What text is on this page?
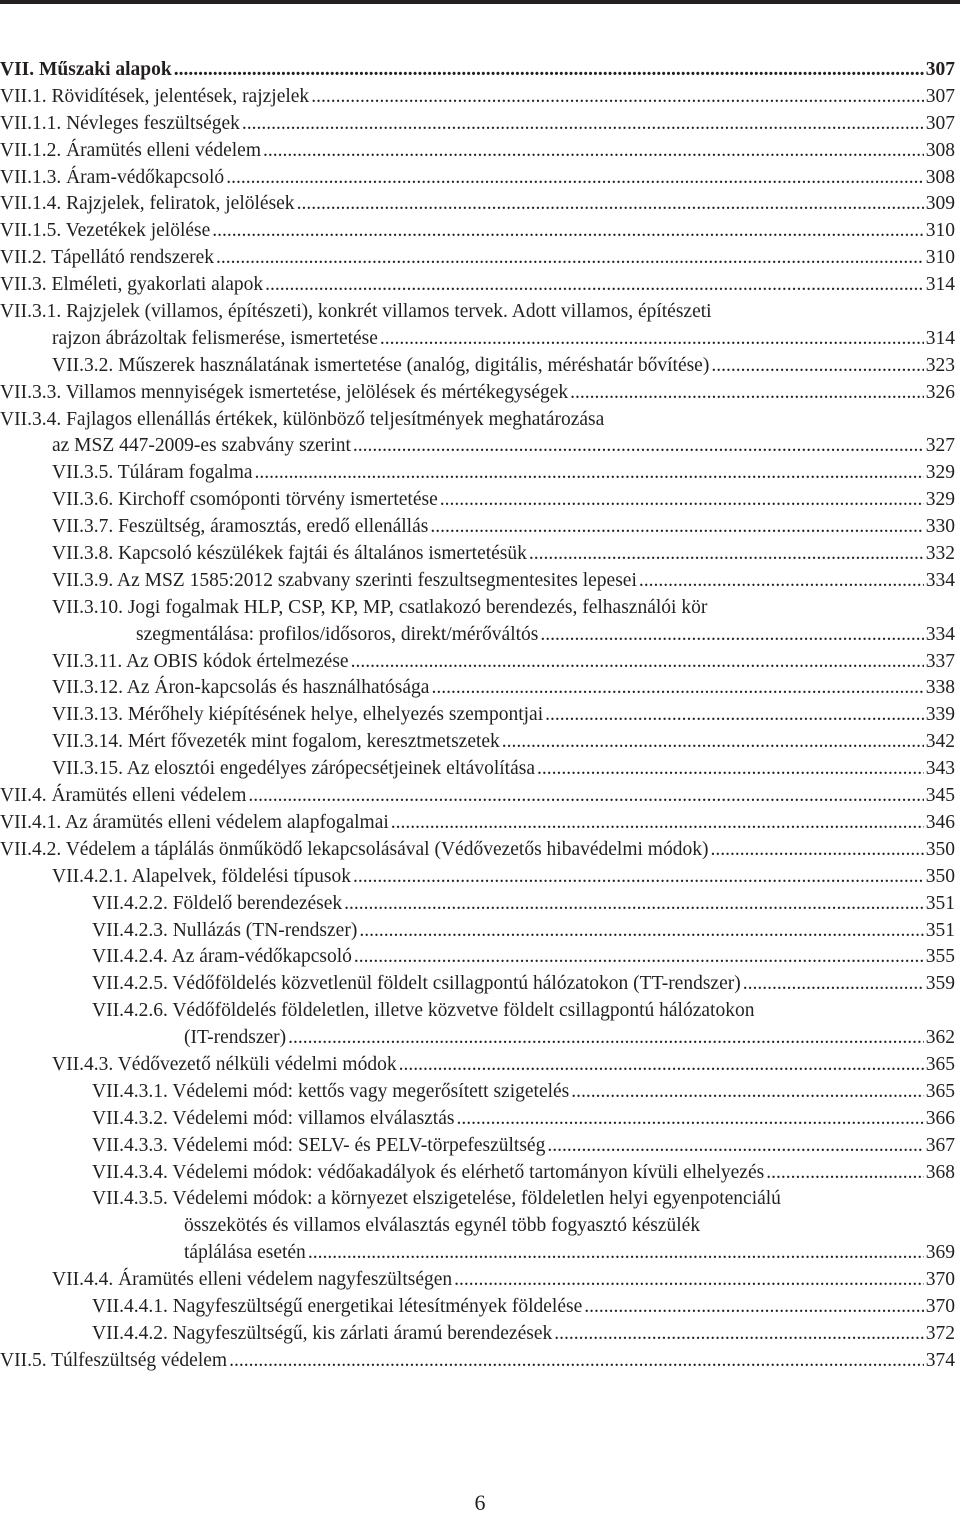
VII. Műszaki alapok .....	307
VII.1. Rövidítések, jelentések, rajzjelek .....	307
VII.1.1. Névleges feszültségek .....	307
VII.1.2. Áramütés elleni védelem .....	308
VII.1.3. Áram-védőkapcsoló .....	308
VII.1.4. Rajzjelek, feliratok, jelölések .....	309
VII.1.5. Vezetékek jelölése .....	310
VII.2. Tápellátó rendszerek .....	310
VII.3. Elméleti, gyakorlati alapok .....	314
VII.3.1. Rajzjelek (villamos, építészeti), konkrét villamos tervek. Adott villamos, építészeti
rajzon ábrázoltak felismerése, ismertetése .....	314
VII.3.2. Műszerek használatának ismertetése (analóg, digitális, méréshatár bővítése) .....	323
VII.3.3. Villamos mennyiségek ismertetése, jelölések és mértékegységek .....	326
VII.3.4. Fajlagos ellenállás értékek, különböző teljesítmények meghatározása
az MSZ 447-2009-es szabvány szerint .....	327
VII.3.5. Túláram fogalma .....	329
VII.3.6. Kirchoff csomóponti törvény ismertetése .....	329
VII.3.7. Feszültség, áramosztás, eredő ellenállás .....	330
VII.3.8. Kapcsoló készülékek fajtái és általános ismertetésük .....	332
VII.3.9. Az MSZ 1585:2012 szabvany szerinti feszultsegmentesites lepesei .....	334
VII.3.10. Jogi fogalmak HLP, CSP, KP, MP, csatlakozó berendezés, felhasználói kör
szegmentálása: profilos/idősoros, direkt/mérőváltós .....	334
VII.3.11. Az OBIS kódok értelmezése .....	337
VII.3.12. Az Áron-kapcsolás és használhatósága .....	338
VII.3.13. Mérőhely kiépítésének helye, elhelyezés szempontjai .....	339
VII.3.14. Mért fővezeték mint fogalom, keresztmetszetek .....	342
VII.3.15. Az elosztói engedélyes zárópecsétjeinek eltávolítása .....	343
VII.4. Áramütés elleni védelem .....	345
VII.4.1. Az áramütés elleni védelem alapfogalmai .....	346
VII.4.2. Védelem a táplálás önműködő lekapcsolásával (Védővezetős hibavédelmi módok) .....	350
VII.4.2.1. Alapelvek, földelési típusok .....	350
VII.4.2.2. Földelő berendezések .....	351
VII.4.2.3. Nullázás (TN-rendszer) .....	351
VII.4.2.4. Az áram-védőkapcsoló .....	355
VII.4.2.5. Védőföldelés közvetlenül földelt csillagpontú hálózatokon (TT-rendszer) .....	359
VII.4.2.6. Védőföldelés földeletlen, illetve közvetve földelt csillagpontú hálózatokon
(IT-rendszer) .....	362
VII.4.3. Védővezető nélküli védelmi módok .....	365
VII.4.3.1. Védelemi mód: kettős vagy megerősített szigetelés .....	365
VII.4.3.2. Védelemi mód: villamos elválasztás .....	366
VII.4.3.3. Védelemi mód: SELV- és PELV-törpefeszültség .....	367
VII.4.3.4. Védelemi módok: védőakadályok és elérhető tartományon kívüli elhelyezés .....	368
VII.4.3.5. Védelemi módok: a környezet elszigetelése, földeletlen helyi egyenpotenciálú
összekötés és villamos elválasztás egynél több fogyasztó készülék
táplálása esetén .....	369
VII.4.4. Áramütés elleni védelem nagyfeszültségen .....	370
VII.4.4.1. Nagyfeszültségű energetikai létesítmények földelése .....	370
VII.4.4.2. Nagyfeszültségű, kis zárlati áramú berendezések .....	372
VII.5. Túlfeszültség védelem .....	374
6
